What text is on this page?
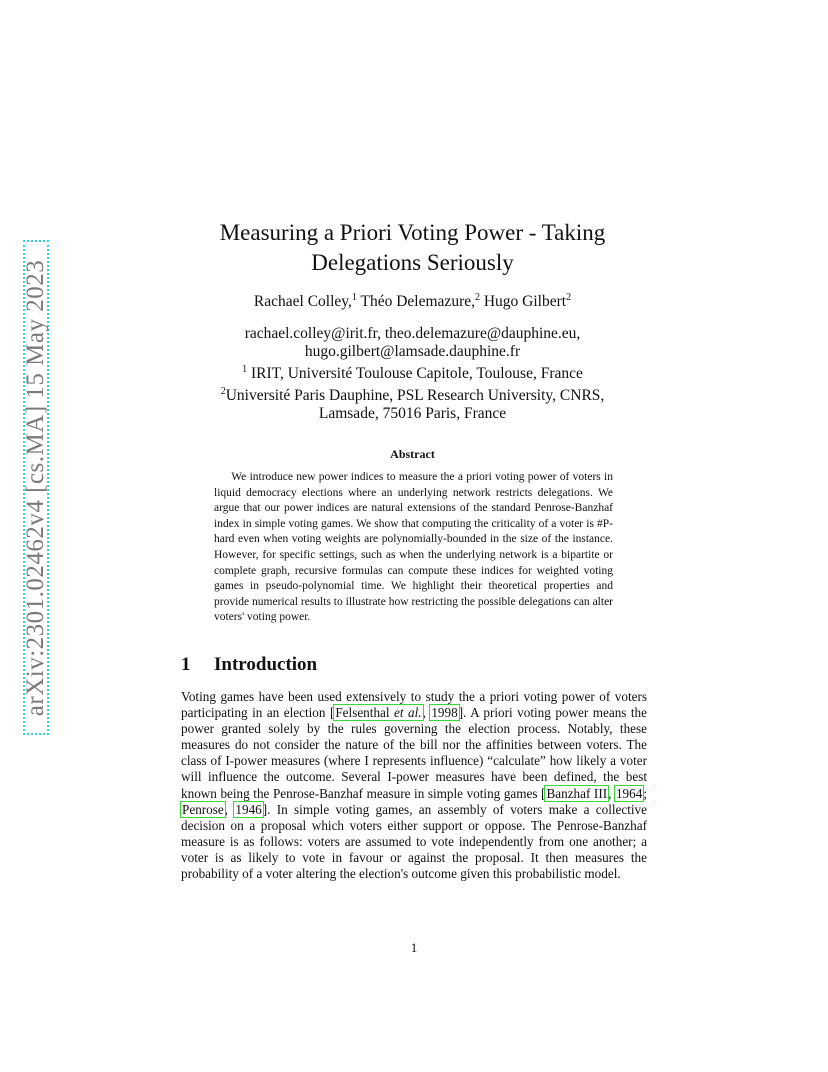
arXiv:2301.02462v4 [cs.MA] 15 May 2023
Measuring a Priori Voting Power - Taking
Delegations Seriously
Rachael Colley,$^1$ Théo Delemazure,$^2$ Hugo Gilbert$^2$
rachael.colley@irit.fr, theo.delemazure@dauphine.eu,
hugo.gilbert@lamsade.dauphine.fr
$^1$ IRIT, Université Toulouse Capitole, Toulouse, France
$^2$Université Paris Dauphine, PSL Research University, CNRS,
Lamsade, 75016 Paris, France
Abstract

  We introduce new power indices to measure the a priori voting power of voters in liquid democracy elections where an underlying network restricts delegations. We argue that our power indices are natural extensions of the standard Penrose-Banzhaf index in simple voting games. We show that computing the criticality of a voter is #P-hard even when voting weights are polynomially-bounded in the size of the instance. However, for specific settings, such as when the underlying network is a bipartite or complete graph, recursive formulas can compute these indices for weighted voting games in pseudo-polynomial time. We highlight their theoretical properties and provide numerical results to illustrate how restricting the possible delegations can alter voters' voting power.

1 Introduction

Voting games have been used extensively to study the a priori voting power of voters participating in an election [Felsenthal et al., 1998]. A priori voting power means the power granted solely by the rules governing the election process. Notably, these measures do not consider the nature of the bill nor the affinities between voters. The class of I-power measures (where I represents influence) “calculate” how likely a voter will influence the outcome. Several I-power measures have been defined, the best known being the Penrose-Banzhaf measure in simple voting games [Banzhaf III, 1964; Penrose, 1946]. In simple voting games, an assembly of voters make a collective decision on a proposal which voters either support or oppose. The Penrose-Banzhaf measure is as follows: voters are assumed to vote independently from one another; a voter is as likely to vote in favour or against the proposal. It then measures the probability of a voter altering the election's outcome given this probabilistic model.

1
